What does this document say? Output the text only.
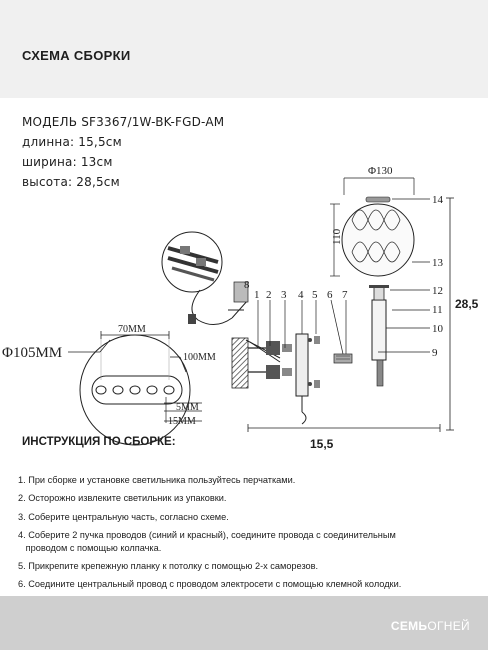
СХЕМА СБОРКИ
МОДЕЛЬ SF3367/1W-BK-FGD-AM
длинна: 15,5cм
ширина: 13cм
высота: 28,5cм
70MM
Φ105MM	100MM
5MM
15MM
Φ130
110
28,5
15,5
1 2 3 4 5 6 7
8
9
10
11
12
13
14
ИНСТРУКЦИЯ ПО СБОРКЕ:
1. При сборке и установке светильника пользуйтесь перчатками.
2. Осторожно извлеките светильник из упаковки.
3. Соберите центральную часть, согласно схеме.
4. Соберите 2 пучка проводов (синий и красный), соедините провода с соединительным
проводом с помощью колпачка.
5. Прикрепите крепежную планку к потолку с помощью 2-х саморезов.
6. Соедините центральный провод с проводом электросети с помощью клемной колодки.
СЕМЬОГНЕЙ
